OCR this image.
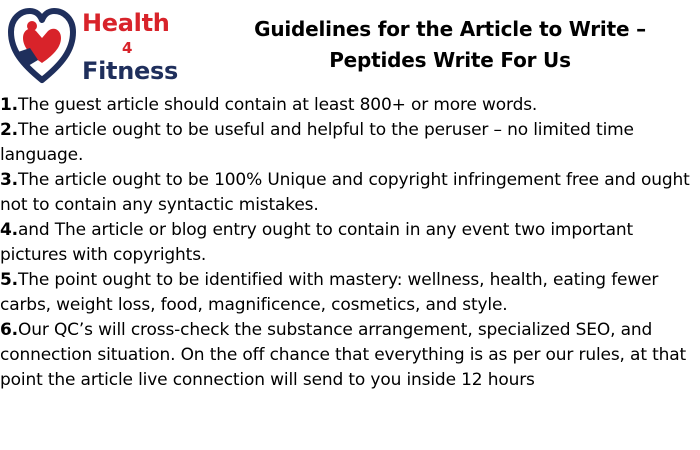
Health
4
Fitness
Guidelines for the Article to Write –
Peptides Write For Us
1.The guest article should contain at least 800+ or more words.
2.The article ought to be useful and helpful to the peruser – no limited time language.
3.The article ought to be 100% Unique and copyright infringement free and ought not to contain any syntactic mistakes.
4.and The article or blog entry ought to contain in any event two important pictures with copyrights.
5.The point ought to be identified with mastery: wellness, health, eating fewer carbs, weight loss, food, magnificence, cosmetics, and style.
6.Our QC’s will cross-check the substance arrangement, specialized SEO, and connection situation. On the off chance that everything is as per our rules, at that point the article live connection will send to you inside 12 hours
